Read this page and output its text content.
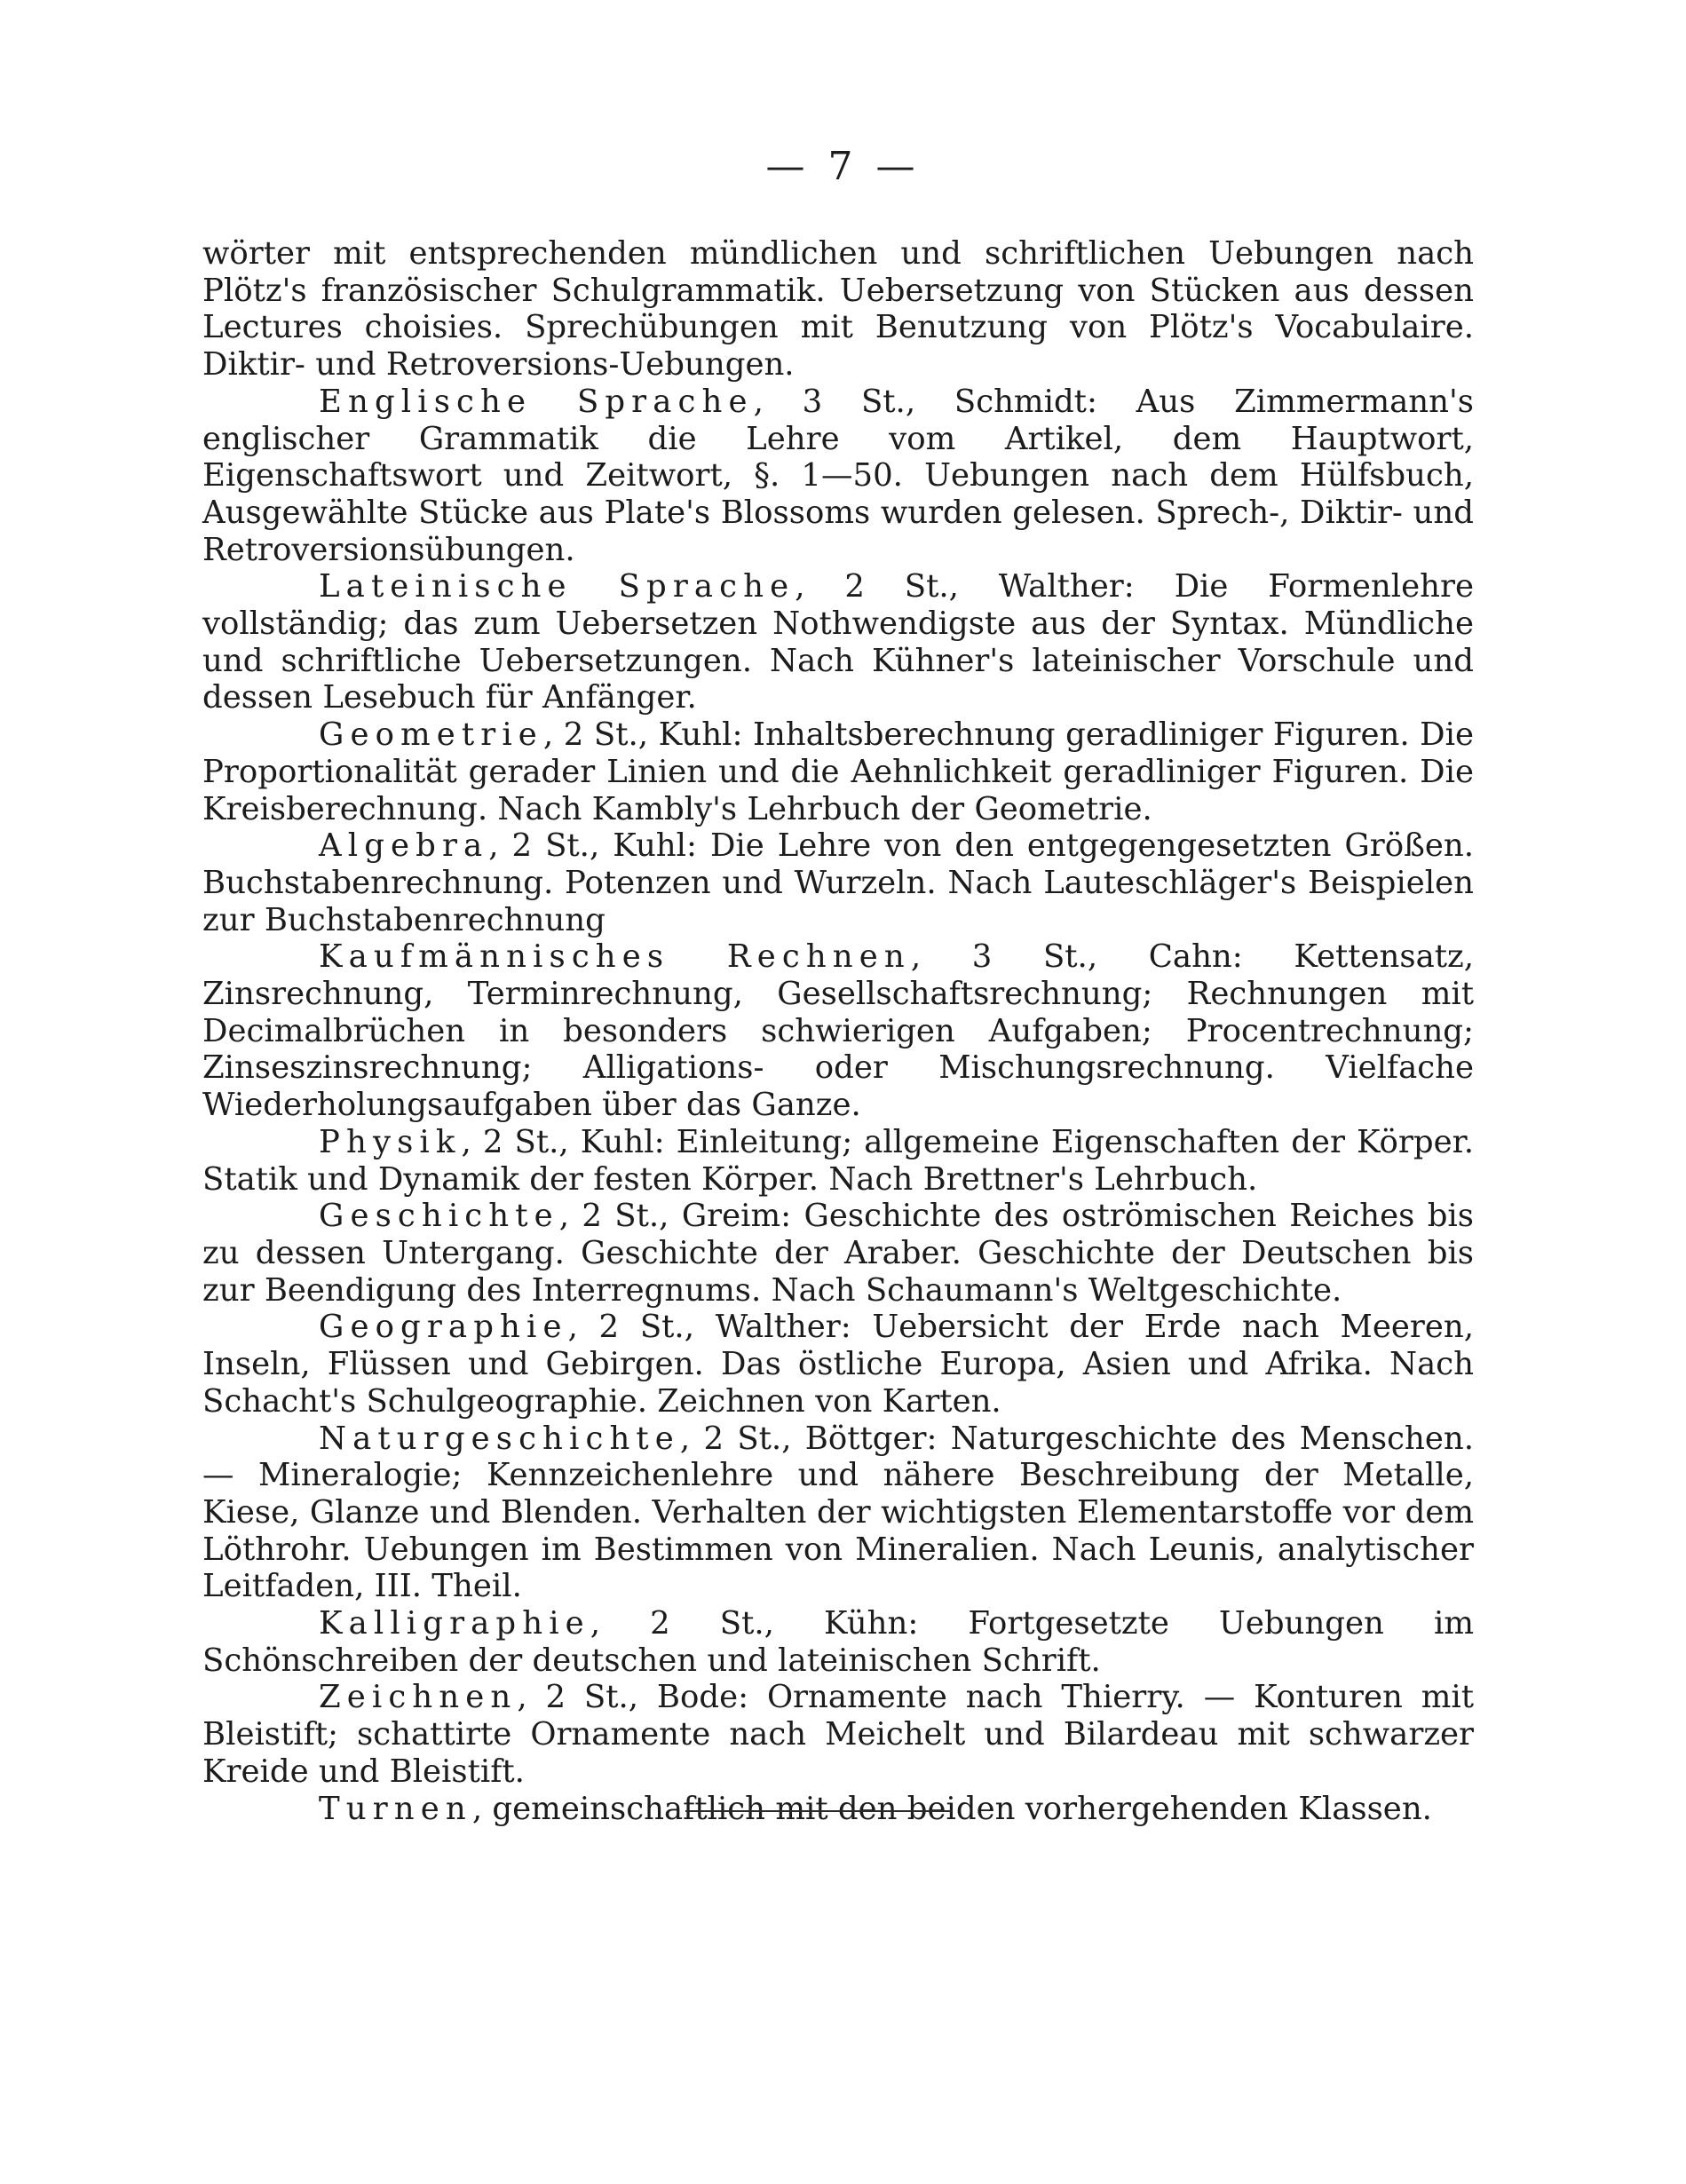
— 7 —

wörter mit entsprechenden mündlichen und schriftlichen Uebungen nach Plötz's französischer Schulgrammatik. Uebersetzung von Stücken aus dessen Lectures choisies. Sprechübungen mit Benutzung von Plötz's Vocabulaire. Diktir- und Retroversions-Uebungen.

Englische Sprache, 3 St., Schmidt: Aus Zimmermann's englischer Grammatik die Lehre vom Artikel, dem Hauptwort, Eigenschaftswort und Zeitwort, §. 1—50. Uebungen nach dem Hülfsbuch, Ausgewählte Stücke aus Plate's Blossoms wurden gelesen. Sprech-, Diktir- und Retroversionsübungen.

Lateinische Sprache, 2 St., Walther: Die Formenlehre vollständig; das zum Uebersetzen Nothwendigste aus der Syntax. Mündliche und schriftliche Uebersetzungen. Nach Kühner's lateinischer Vorschule und dessen Lesebuch für Anfänger.

Geometrie, 2 St., Kuhl: Inhaltsberechnung geradliniger Figuren. Die Proportionalität gerader Linien und die Aehnlichkeit geradliniger Figuren. Die Kreisberechnung. Nach Kambly's Lehrbuch der Geometrie.

Algebra, 2 St., Kuhl: Die Lehre von den entgegengesetzten Größen. Buchstabenrechnung. Potenzen und Wurzeln. Nach Lauteschläger's Beispielen zur Buchstabenrechnung

Kaufmännisches Rechnen, 3 St., Cahn: Kettensatz, Zinsrechnung, Terminrechnung, Gesellschaftsrechnung; Rechnungen mit Decimalbrüchen in besonders schwierigen Aufgaben; Procentrechnung; Zinseszinsrechnung; Alligations- oder Mischungsrechnung. Vielfache Wiederholungsaufgaben über das Ganze.

Physik, 2 St., Kuhl: Einleitung; allgemeine Eigenschaften der Körper. Statik und Dynamik der festen Körper. Nach Brettner's Lehrbuch.

Geschichte, 2 St., Greim: Geschichte des oströmischen Reiches bis zu dessen Untergang. Geschichte der Araber. Geschichte der Deutschen bis zur Beendigung des Interregnums. Nach Schaumann's Weltgeschichte.

Geographie, 2 St., Walther: Uebersicht der Erde nach Meeren, Inseln, Flüssen und Gebirgen. Das östliche Europa, Asien und Afrika. Nach Schacht's Schulgeographie. Zeichnen von Karten.

Naturgeschichte, 2 St., Böttger: Naturgeschichte des Menschen. — Mineralogie; Kennzeichenlehre und nähere Beschreibung der Metalle, Kiese, Glanze und Blenden. Verhalten der wichtigsten Elementarstoffe vor dem Löthrohr. Uebungen im Bestimmen von Mineralien. Nach Leunis, analytischer Leitfaden, III. Theil.

Kalligraphie, 2 St., Kühn: Fortgesetzte Uebungen im Schönschreiben der deutschen und lateinischen Schrift.

Zeichnen, 2 St., Bode: Ornamente nach Thierry. — Konturen mit Bleistift; schattirte Ornamente nach Meichelt und Bilardeau mit schwarzer Kreide und Bleistift.

Turnen, gemeinschaftlich mit den beiden vorhergehenden Klassen.
